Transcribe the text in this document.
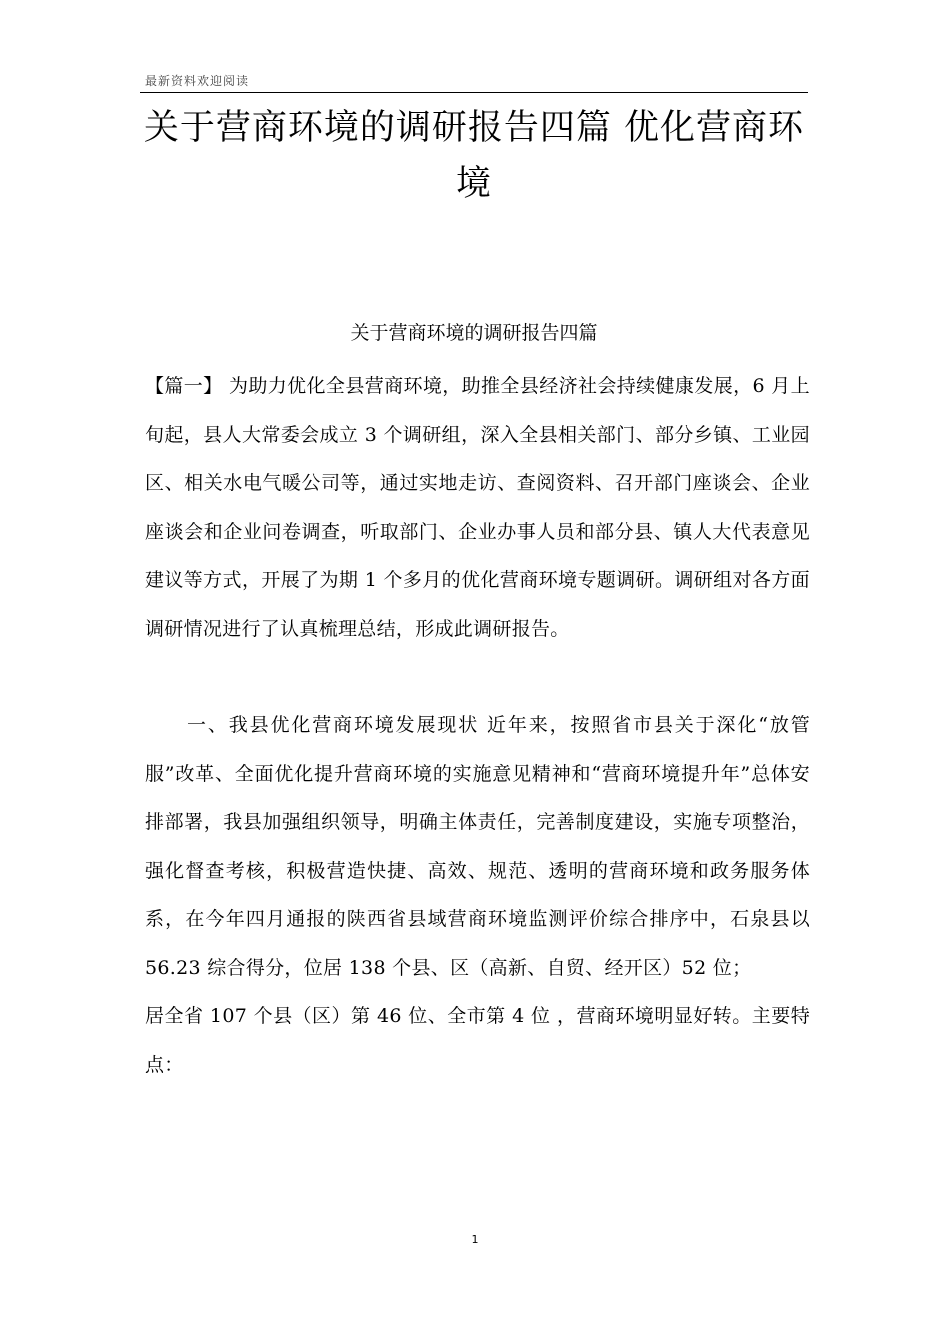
最新资料欢迎阅读
关于营商环境的调研报告四篇 优化营商环境
关于营商环境的调研报告四篇

【篇一】 为助力优化全县营商环境，助推全县经济社会持续健康发展，6 月上旬起，县人大常委会成立 3 个调研组，深入全县相关部门、部分乡镇、工业园区、相关水电气暖公司等，通过实地走访、查阅资料、召开部门座谈会、企业座谈会和企业问卷调查，听取部门、企业办事人员和部分县、镇人大代表意见建议等方式，开展了为期 1 个多月的优化营商环境专题调研。调研组对各方面调研情况进行了认真梳理总结，形成此调研报告。

一、我县优化营商环境发展现状 近年来，按照省市县关于深化“放管服”改革、全面优化提升营商环境的实施意见精神和“营商环境提升年”总体安排部署，我县加强组织领导，明确主体责任，完善制度建设，实施专项整治，强化督查考核，积极营造快捷、高效、规范、透明的营商环境和政务服务体系，在今年四月通报的陕西省县域营商环境监测评价综合排序中，石泉县以 56.23 综合得分，位居 138 个县、区（高新、自贸、经开区）52 位；

居全省 107 个县（区）第 46 位、全市第 4 位 ，营商环境明显好转。主要特点：

1
